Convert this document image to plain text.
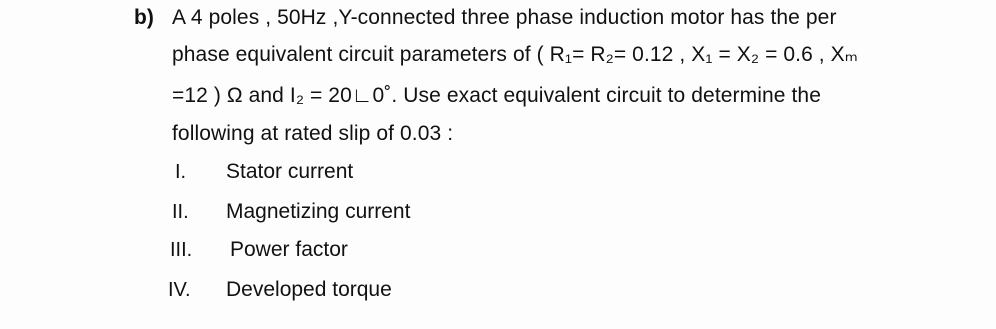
b) A 4 poles , 50Hz ,Y-connected three phase induction motor has the per
phase equivalent circuit parameters of ( R₁= R₂= 0.12 , X₁ = X₂ = 0.6 , Xₘ
=12 ) Ω and I₂ = 20∟0˚. Use exact equivalent circuit to determine the
following at rated slip of 0.03 :
I. Stator current
II. Magnetizing current
III. Power factor
IV. Developed torque
